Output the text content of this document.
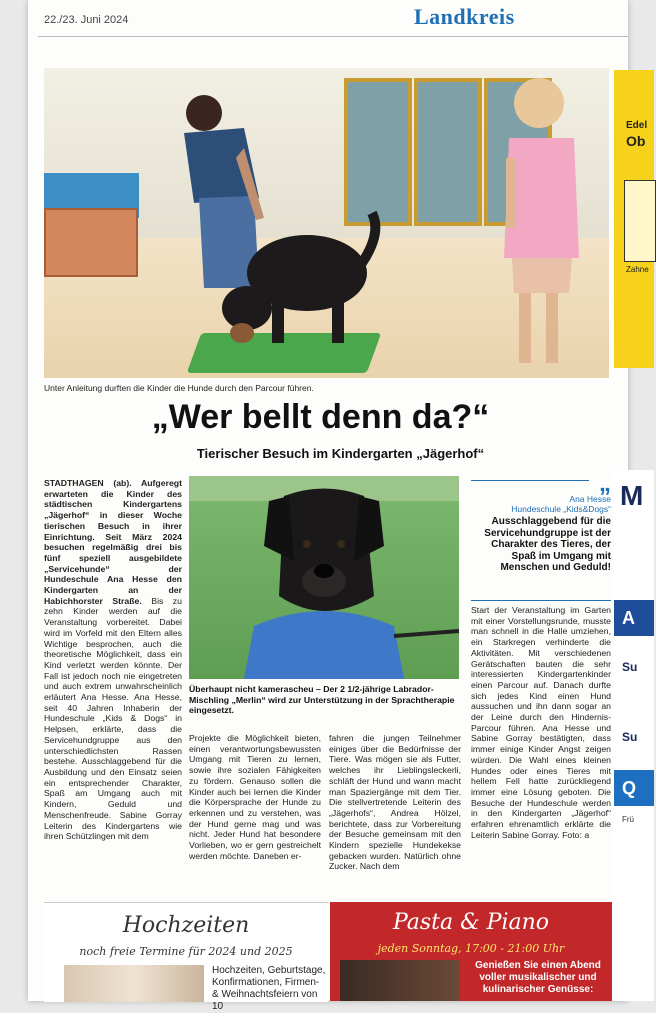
22./23. Juni 2024	Landkreis
Unter Anleitung durften die Kinder die Hunde durch den Parcour führen.
Edel
Ob
Zahne
M
A
Su
Su
Q
Frü
„Wer bellt denn da?“
Tierischer Besuch im Kindergarten „Jägerhof“
STADTHAGEN (ab). Aufgeregt erwarteten die Kinder des städtischen Kindergartens „Jägerhof“ in dieser Woche tierischen Besuch in ihrer Einrichtung. Seit März 2024 besuchen regelmäßig drei bis fünf speziell ausgebildete „Servicehunde“ der Hundeschule Ana Hesse den Kindergarten an der Habichhorster Straße. Bis zu zehn Kinder werden auf die Veranstaltung vorbereitet. Dabei wird im Vorfeld mit den Eltern alles Wichtige besprochen, auch die theoretische Möglichkeit, dass ein Kind verletzt werden könnte. Der Fall ist jedoch noch nie eingetreten und auch extrem unwahrscheinlich erläutert Ana Hesse. Ana Hesse, seit 40 Jahren Inhaberin der Hundeschule „Kids & Dogs“ in Helpsen, erklärte, dass die Servicehundgruppe aus den unterschiedlichsten Rassen bestehe. Ausschlaggebend für die Ausbildung und den Einsatz seien ein entsprechender Charakter, Spaß am Umgang auch mit Kindern, Geduld und Menschenfreude. Sabine Gorray Leiterin des Kindergartens wie ihren Schützlingen mit dem
Überhaupt nicht kamerascheu – Der 2 1/2-jährige Labrador-Mischling „Merlin“ wird zur Unterstützung in der Sprachtherapie eingesetzt.
„
Ana Hesse
Hundeschule „Kids&Dogs“
Ausschlaggebend für die Servicehundgruppe ist der Charakter des Tieres, der Spaß im Umgang mit Menschen und Geduld!
Projekte die Möglichkeit bieten, einen verantwortungsbewussten Umgang mit Tieren zu lernen, sowie ihre sozialen Fähigkeiten zu fördern. Genauso sollen die Kinder auch bei lernen die Kinder die Körpersprache der Hunde zu erkennen und zu verstehen, was der Hund gerne mag und was nicht. Jeder Hund hat besondere Vorlieben, wo er gern gestreichelt werden möchte. Daneben er-
fahren die jungen Teilnehmer einiges über die Bedürfnisse der Tiere. Was mögen sie als Futter, welches ihr Lieblingsleckerli, schläft der Hund und wann macht man Spaziergänge mit dem Tier. Die stellvertretende Leiterin des „Jägerhofs“, Andrea Hölzel, berichtete, dass zur Vorbereitung der Besuche gemeinsam mit den Kindern spezielle Hundekekse gebacken wurden. Natürlich ohne Zucker. Nach dem
Start der Veranstaltung im Garten mit einer Vorstellungsrunde, musste man schnell in die Halle umziehen, ein Starkregen verhinderte die Aktivitäten. Mit verschiedenen Gerätschaften bauten die sehr interessierten Kindergartenkinder einen Parcour auf. Danach durfte sich jedes Kind einen Hund aussuchen und ihn dann sogar an der Leine durch den Hindernis-Parcour führen. Ana Hesse und Sabine Gorray bestätigten, dass immer einige Kinder Angst zeigen würden. Die Wahl eines kleinen Hundes oder eines Tieres mit hellem Fell hatte zurückliegend immer eine Lösung geboten. Die Besuche der Hundeschule werden in den Kindergarten „Jägerhof“ erfahren ehrenamtlich erklärte die Leiterin Sabine Gorray. Foto: a
Hochzeiten
noch freie Termine für 2024 und 2025
Hochzeiten, Geburtstage, Konfirmationen, Firmen- & Weihnachtsfeiern von 10
Pasta & Piano
jeden Sonntag, 17:00 - 21:00 Uhr
Genießen Sie einen Abend voller musikalischer und kulinarischer Genüsse:
